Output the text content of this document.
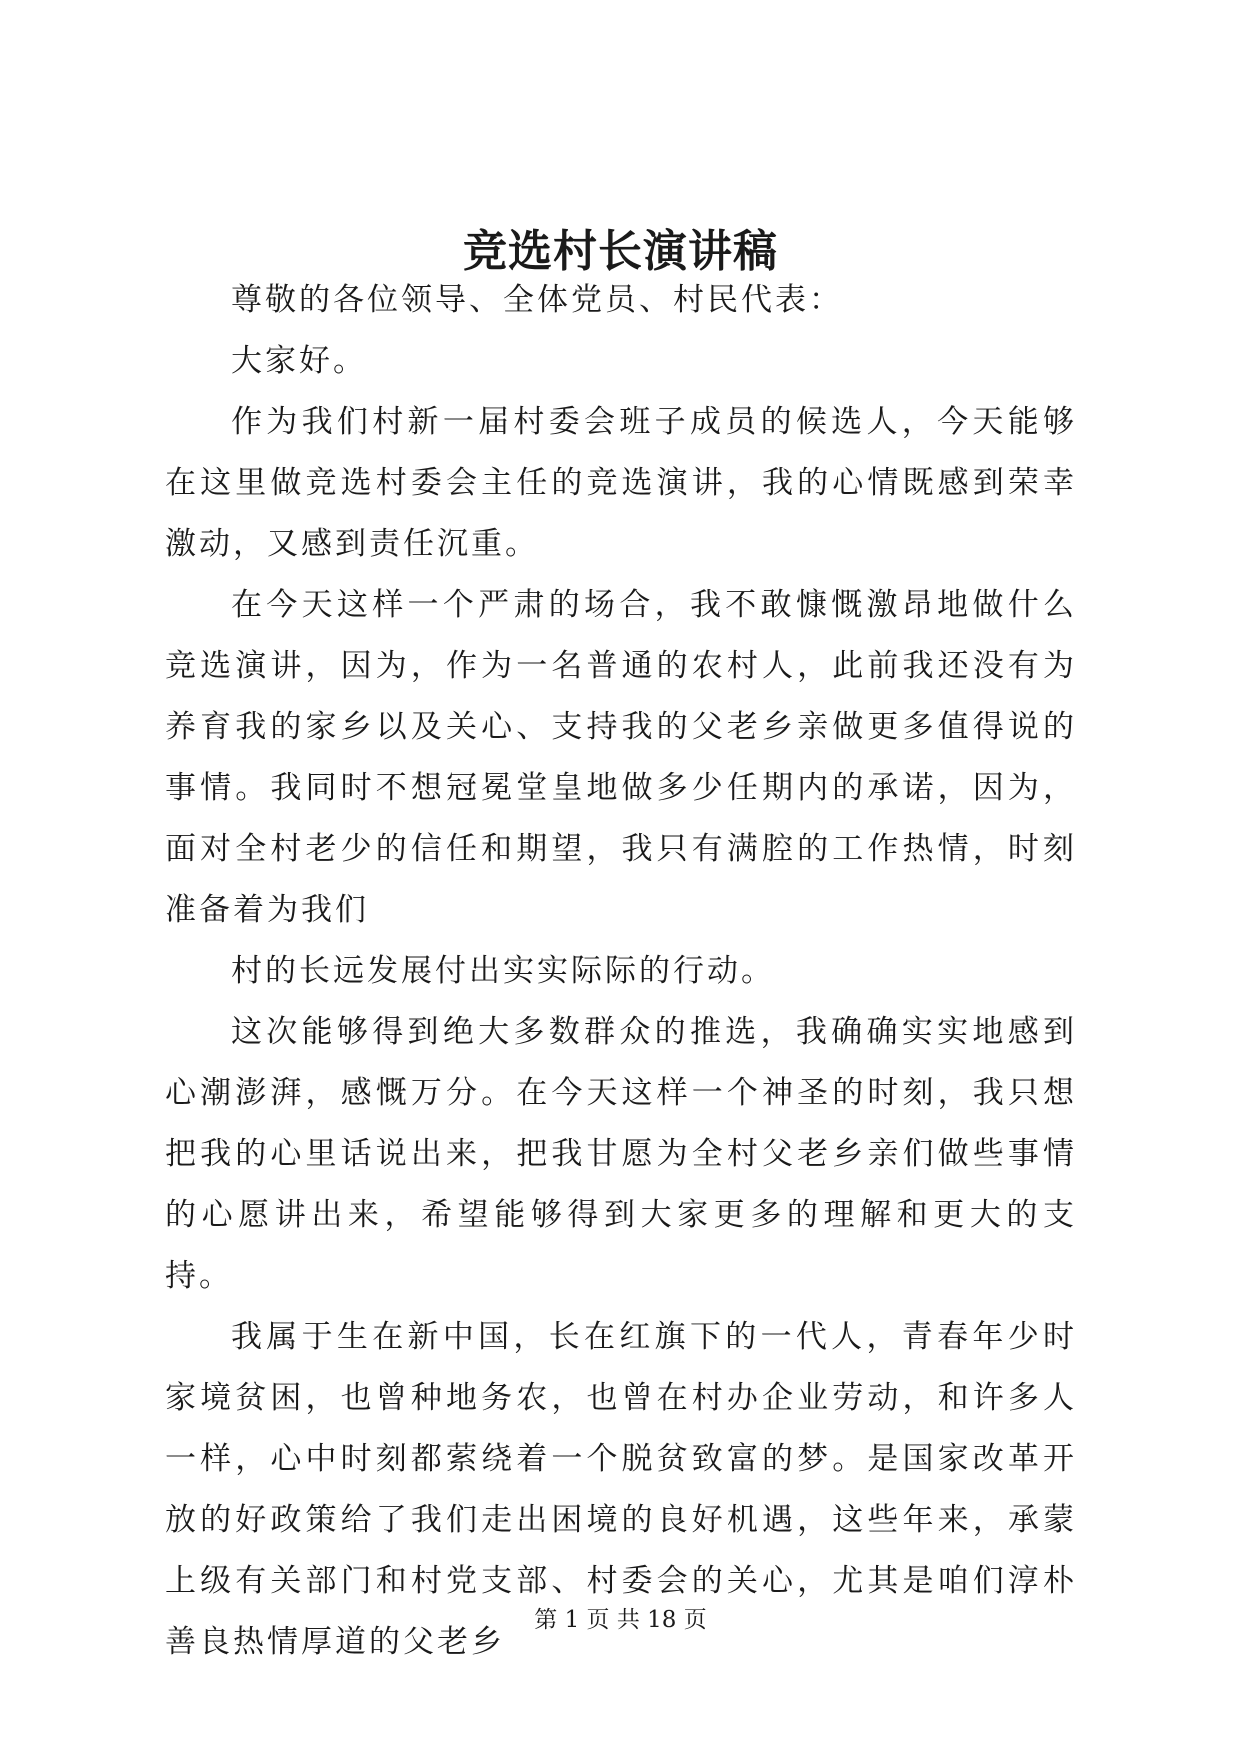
竞选村长演讲稿

尊敬的各位领导、全体党员、村民代表：

大家好。

作为我们村新一届村委会班子成员的候选人，今天能够在这里做竞选村委会主任的竞选演讲，我的心情既感到荣幸激动，又感到责任沉重。

在今天这样一个严肃的场合，我不敢慷慨激昂地做什么竞选演讲，因为，作为一名普通的农村人，此前我还没有为养育我的家乡以及关心、支持我的父老乡亲做更多值得说的事情。我同时不想冠冕堂皇地做多少任期内的承诺，因为，面对全村老少的信任和期望，我只有满腔的工作热情，时刻准备着为我们

村的长远发展付出实实际际的行动。

这次能够得到绝大多数群众的推选，我确确实实地感到心潮澎湃，感慨万分。在今天这样一个神圣的时刻，我只想把我的心里话说出来，把我甘愿为全村父老乡亲们做些事情的心愿讲出来，希望能够得到大家更多的理解和更大的支持。

我属于生在新中国，长在红旗下的一代人，青春年少时家境贫困，也曾种地务农，也曾在村办企业劳动，和许多人一样，心中时刻都萦绕着一个脱贫致富的梦。是国家改革开放的好政策给了我们走出困境的良好机遇，这些年来，承蒙上级有关部门和村党支部、村委会的关心，尤其是咱们淳朴善良热情厚道的父老乡

第 1 页 共 18 页
